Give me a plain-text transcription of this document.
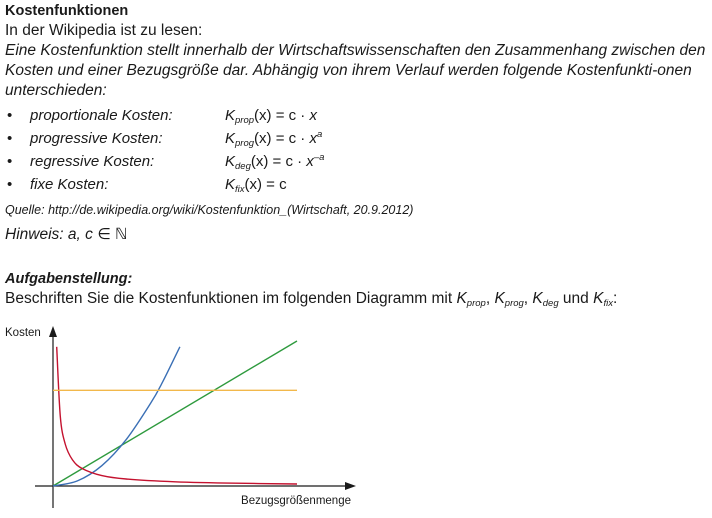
Kostenfunktionen
In der Wikipedia ist zu lesen:

Eine Kostenfunktion stellt innerhalb der Wirtschaftswissenschaften den Zusammenhang zwischen den Kosten und einer Bezugsgröße dar. Abhängig von ihrem Verlauf werden folgende Kostenfunkti-onen unterschieden:

•	proportionale Kosten:	$K_{prop}(x) = c \cdot x$
•	progressive Kosten:	$K_{prog}(x) = c \cdot x^a$
•	regressive Kosten:	$K_{deg}(x) = c \cdot x^{-a}$
•	fixe Kosten:	$K_{fix}(x) = c$
Quelle: http://de.wikipedia.org/wiki/Kostenfunktion_(Wirtschaft, 20.9.2012)
Hinweis: a, c ∈ ℕ
Aufgabenstellung:
Beschriften Sie die Kostenfunktionen im folgenden Diagramm mit $K_{prop}$, $K_{prog}$, $K_{deg}$ und $K_{fix}$:
Kosten
Bezugsgrößenmenge
